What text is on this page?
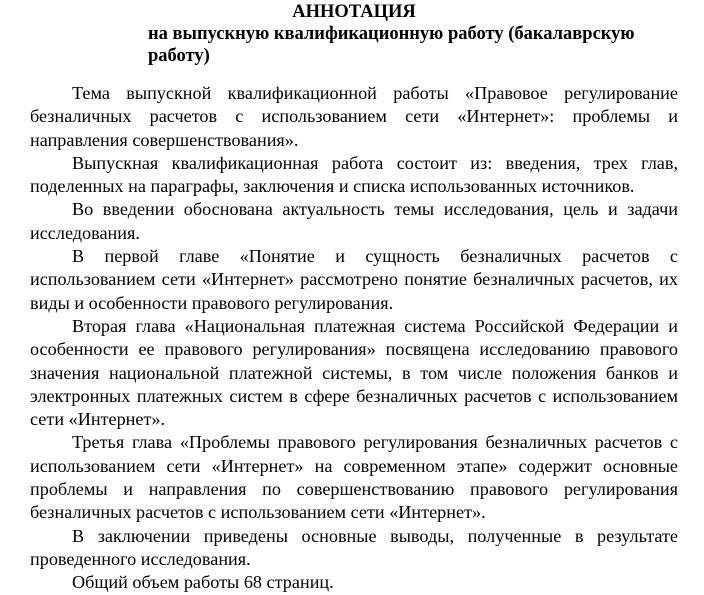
АННОТАЦИЯ

на выпускную квалификационную работу (бакалаврскую работу)

Тема выпускной квалификационной работы «Правовое регулирование безналичных расчетов с использованием сети «Интернет»: проблемы и направления совершенствования».

Выпускная квалификационная работа состоит из: введения, трех глав, поделенных на параграфы, заключения и списка использованных источников.

Во введении обоснована актуальность темы исследования, цель и задачи исследования.

В первой главе «Понятие и сущность безналичных расчетов с использованием сети «Интернет» рассмотрено понятие безналичных расчетов, их виды и особенности правового регулирования.

Вторая глава «Национальная платежная система Российской Федерации и особенности ее правового регулирования» посвящена исследованию правового значения национальной платежной системы, в том числе положения банков и электронных платежных систем в сфере безналичных расчетов с использованием сети «Интернет».

Третья глава «Проблемы правового регулирования безналичных расчетов с использованием сети «Интернет» на современном этапе» содержит основные проблемы и направления по совершенствованию правового регулирования безналичных расчетов с использованием сети «Интернет».

В заключении приведены основные выводы, полученные в результате проведенного исследования.

Общий объем работы 68 страниц.
